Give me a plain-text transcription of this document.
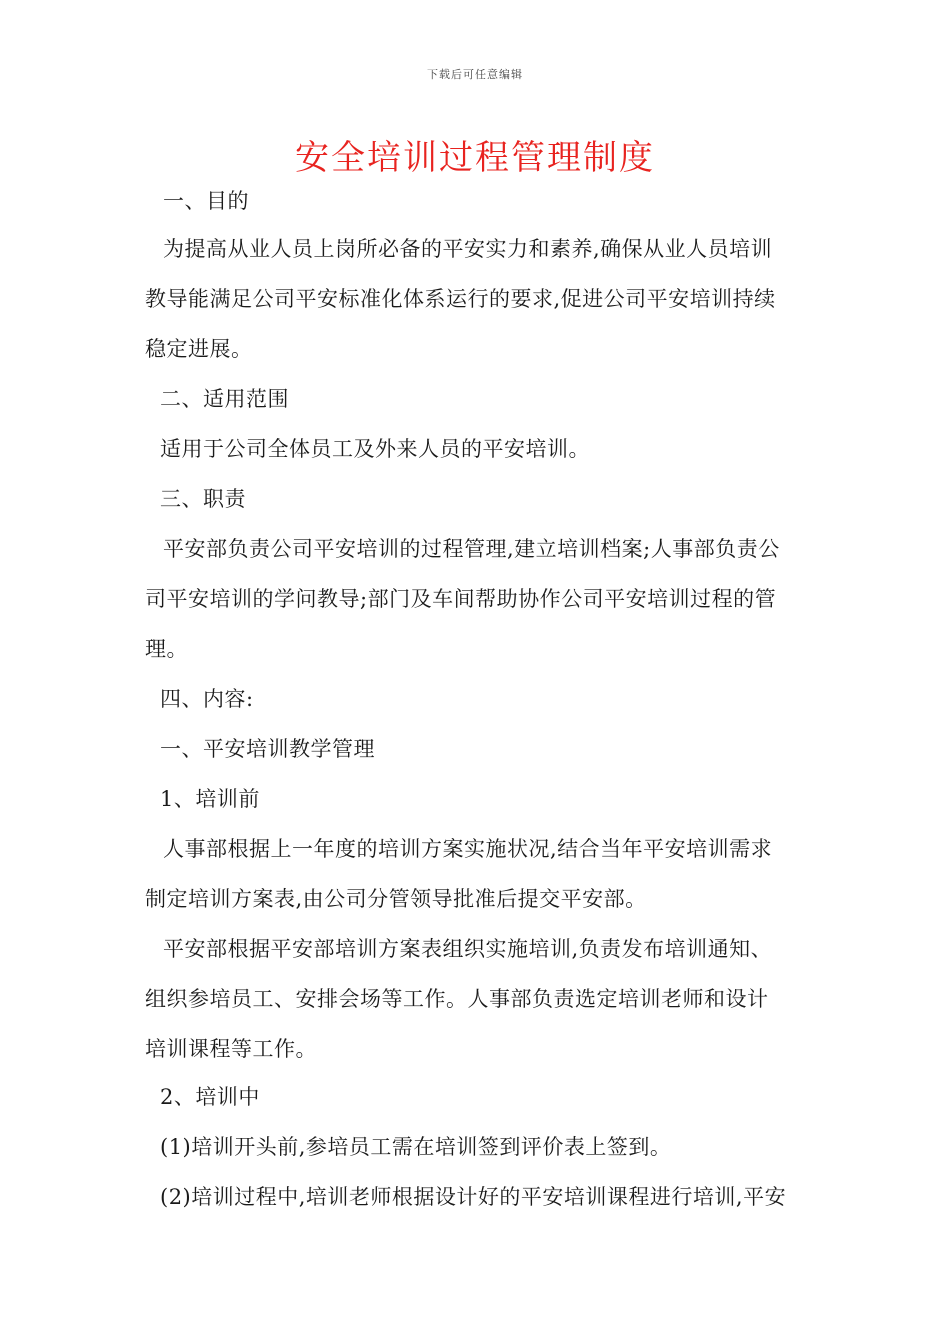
下载后可任意编辑
安全培训过程管理制度
一、目的
为提高从业人员上岗所必备的平安实力和素养,确保从业人员培训
教导能满足公司平安标准化体系运行的要求,促进公司平安培训持续
稳定进展。
二、适用范围
适用于公司全体员工及外来人员的平安培训。
三、职责
平安部负责公司平安培训的过程管理,建立培训档案;人事部负责公
司平安培训的学问教导;部门及车间帮助协作公司平安培训过程的管
理。
四、内容:
一、平安培训教学管理
1、培训前
人事部根据上一年度的培训方案实施状况,结合当年平安培训需求
制定培训方案表,由公司分管领导批准后提交平安部。
平安部根据平安部培训方案表组织实施培训,负责发布培训通知、
组织参培员工、安排会场等工作。人事部负责选定培训老师和设计
培训课程等工作。
2、培训中
(1)培训开头前,参培员工需在培训签到评价表上签到。
(2)培训过程中,培训老师根据设计好的平安培训课程进行培训,平安
